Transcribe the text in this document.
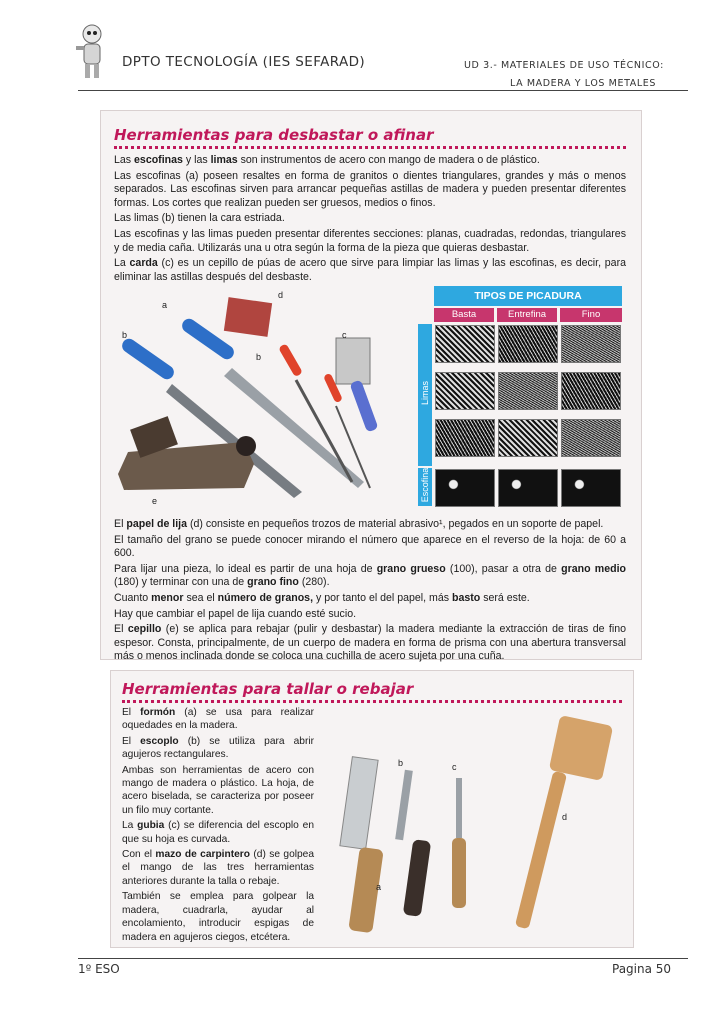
DPTO TECNOLOGÍA (IES SEFARAD)	UD 3.- MATERIALES DE USO TÉCNICO:
LA MADERA Y LOS METALES
Herramientas para desbastar o afinar

Las escofinas y las limas son instrumentos de acero con mango de madera o de plástico.

Las escofinas (a) poseen resaltes en forma de granitos o dientes triangulares, grandes y más o menos separados. Las escofinas sirven para arrancar pequeñas astillas de madera y pueden presentar diferentes formas. Los cortes que realizan pueden ser gruesos, medios o finos.

Las limas (b) tienen la cara estriada.

Las escofinas y las limas pueden presentar diferentes secciones: planas, cuadradas, redondas, triangulares y de media caña. Utilizarás una u otra según la forma de la pieza que quieras desbastar.

La carda (c) es un cepillo de púas de acero que sirve para limpiar las limas y las escofinas, es decir, para eliminar las astillas después del desbaste.

a
b
b
c
d
e
TIPOS DE PICADURA
Basta	Entrefina	Fino
Limas
Escofina

El papel de lija (d) consiste en pequeños trozos de material abrasivo¹, pegados en un soporte de papel.

El tamaño del grano se puede conocer mirando el número que aparece en el reverso de la hoja: de 60 a 600.

Para lijar una pieza, lo ideal es partir de una hoja de grano grueso (100), pasar a otra de grano medio (180) y terminar con una de grano fino (280).

Cuanto menor sea el número de granos, y por tanto el del papel, más basto será este.

Hay que cambiar el papel de lija cuando esté sucio.

El cepillo (e) se aplica para rebajar (pulir y desbastar) la madera mediante la extracción de tiras de fino espesor. Consta, principalmente, de un cuerpo de madera en forma de prisma con una abertura transversal más o menos inclinada donde se coloca una cuchilla de acero sujeta por una cuña.

Herramientas para tallar o rebajar

El formón (a) se usa para realizar oquedades en la madera.

El escoplo (b) se utiliza para abrir agujeros rectangulares.

Ambas son herramientas de acero con mango de madera o plástico. La hoja, de acero biselada, se caracteriza por poseer un filo muy cortante.

La gubia (c) se diferencia del escoplo en que su hoja es curvada.

Con el mazo de carpintero (d) se golpea el mango de las tres herramientas anteriores durante la talla o rebaje.

También se emplea para golpear la madera, cuadrarla, ayudar al encolamiento, introducir espigas de madera en agujeros ciegos, etcétera.

a
b	c
d
1º ESO	Pagina 50
